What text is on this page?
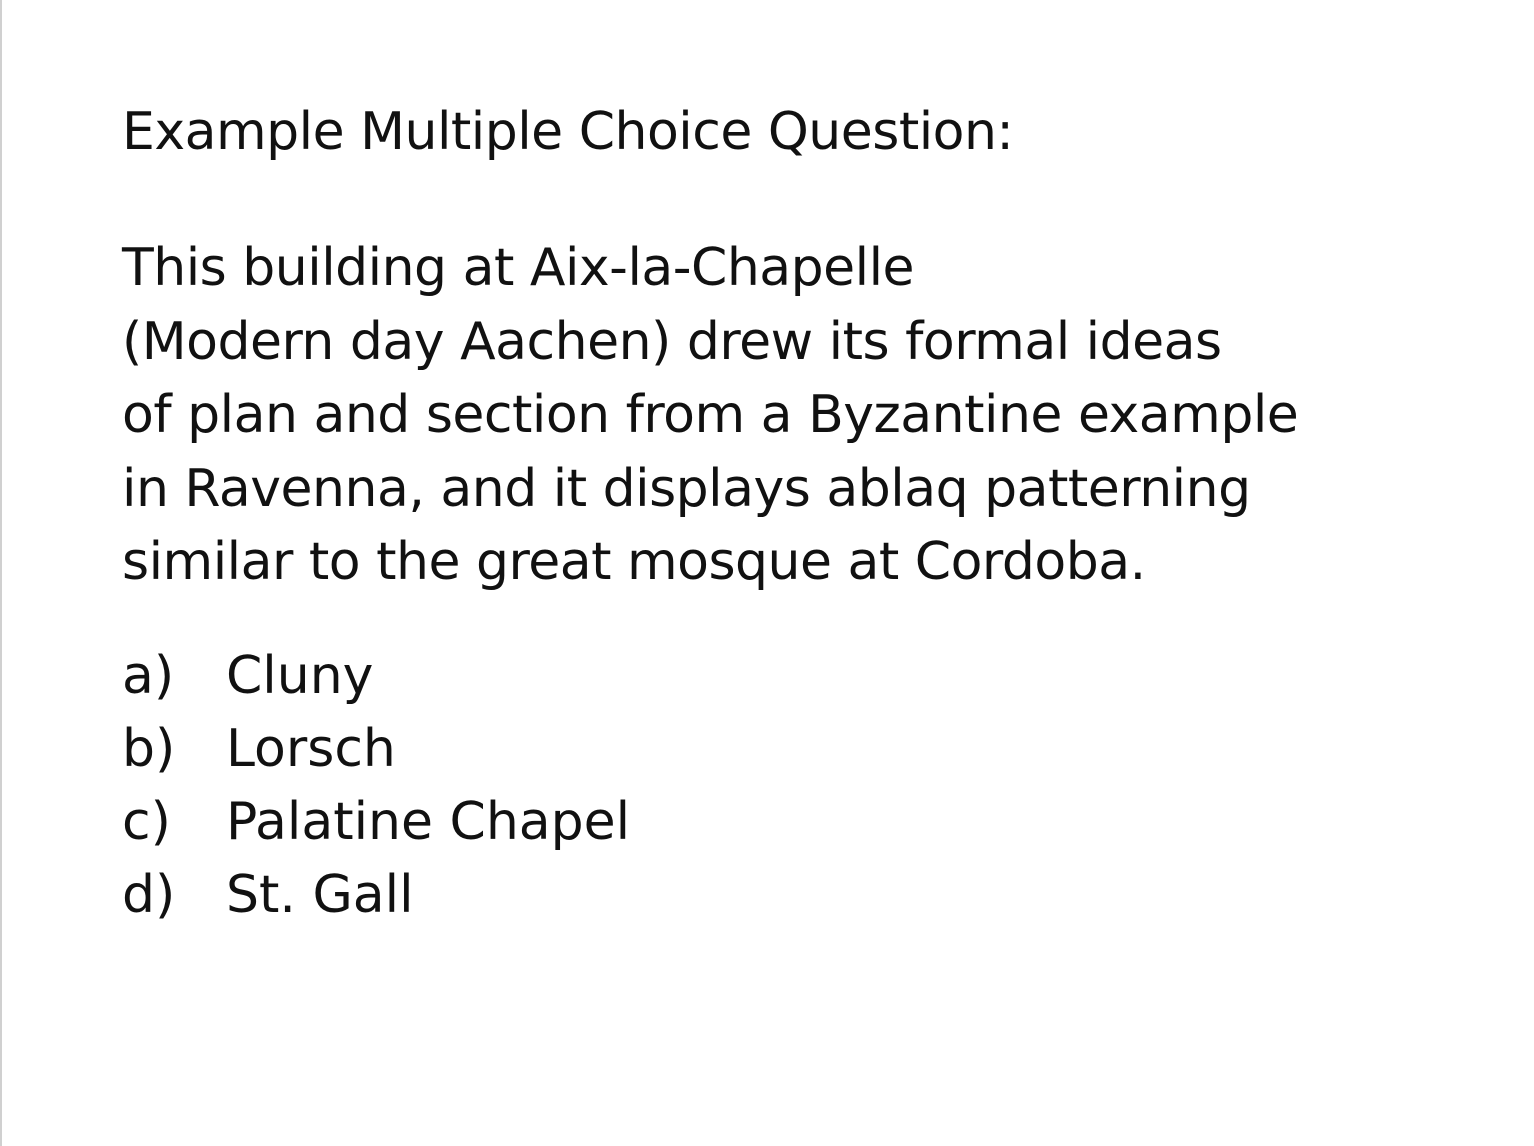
Example Multiple Choice Question:
This building at Aix-la-Chapelle
(Modern day Aachen) drew its formal ideas
of plan and section from a Byzantine example
in Ravenna, and it displays ablaq patterning
similar to the great mosque at Cordoba.
a) Cluny
b) Lorsch
c)	Palatine Chapel
d) St. Gall
